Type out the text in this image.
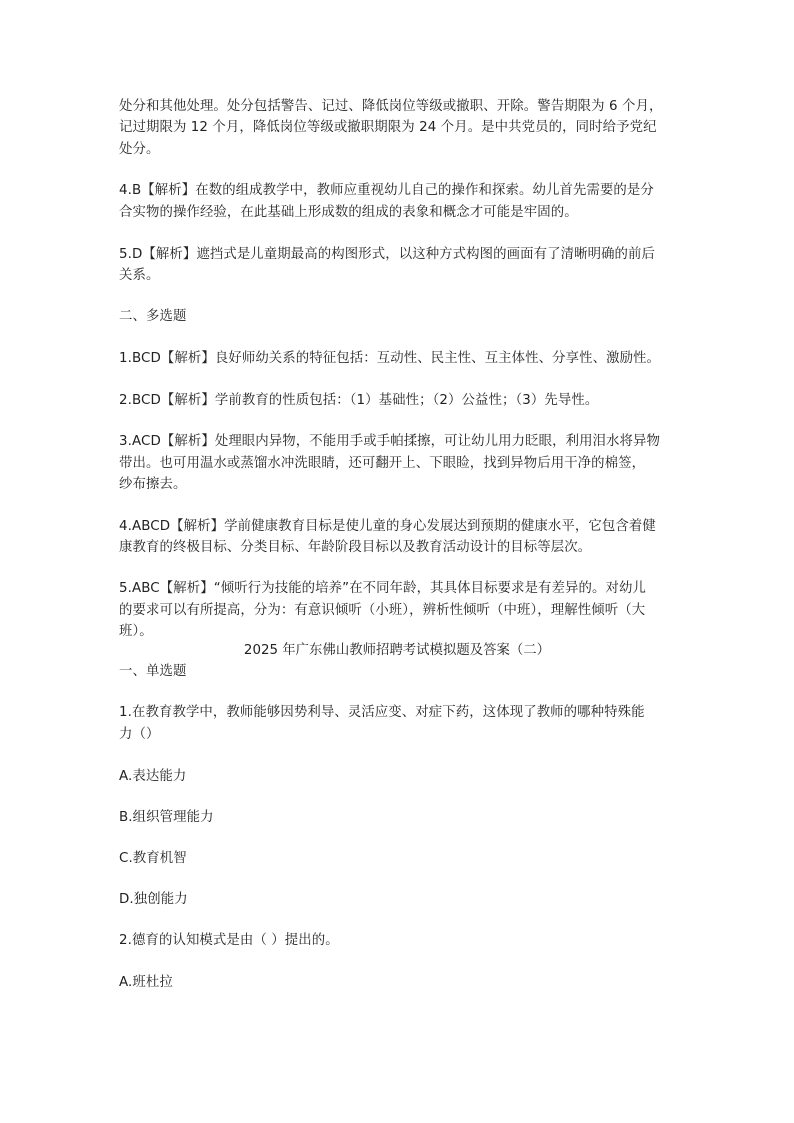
处分和其他处理。处分包括警告、记过、降低岗位等级或撤职、开除。警告期限为 6 个月，
记过期限为 12 个月，降低岗位等级或撤职期限为 24 个月。是中共党员的，同时给予党纪
处分。
4.B【解析】在数的组成教学中，教师应重视幼儿自己的操作和探索。幼儿首先需要的是分
合实物的操作经验，在此基础上形成数的组成的表象和概念才可能是牢固的。
5.D【解析】遮挡式是儿童期最高的构图形式，以这种方式构图的画面有了清晰明确的前后
关系。
二、多选题
1.BCD【解析】良好师幼关系的特征包括：互动性、民主性、互主体性、分享性、激励性。
2.BCD【解析】学前教育的性质包括：（1）基础性；（2）公益性；（3）先导性。
3.ACD【解析】处理眼内异物，不能用手或手帕揉擦，可让幼儿用力眨眼，利用泪水将异物
带出。也可用温水或蒸馏水冲洗眼睛，还可翻开上、下眼睑，找到异物后用干净的棉签，
纱布擦去。
4.ABCD【解析】学前健康教育目标是使儿童的身心发展达到预期的健康水平，它包含着健
康教育的终极目标、分类目标、年龄阶段目标以及教育活动设计的目标等层次。
5.ABC【解析】“倾听行为技能的培养”在不同年龄，其具体目标要求是有差异的。对幼儿
的要求可以有所提高，分为：有意识倾听（小班），辨析性倾听（中班），理解性倾听（大
班）。
2025 年广东佛山教师招聘考试模拟题及答案（二）
一、单选题
1.在教育教学中，教师能够因势利导、灵活应变、对症下药，这体现了教师的哪种特殊能
力（）
A.表达能力
B.组织管理能力
C.教育机智
D.独创能力
2.德育的认知模式是由（ ）提出的。
A.班杜拉
